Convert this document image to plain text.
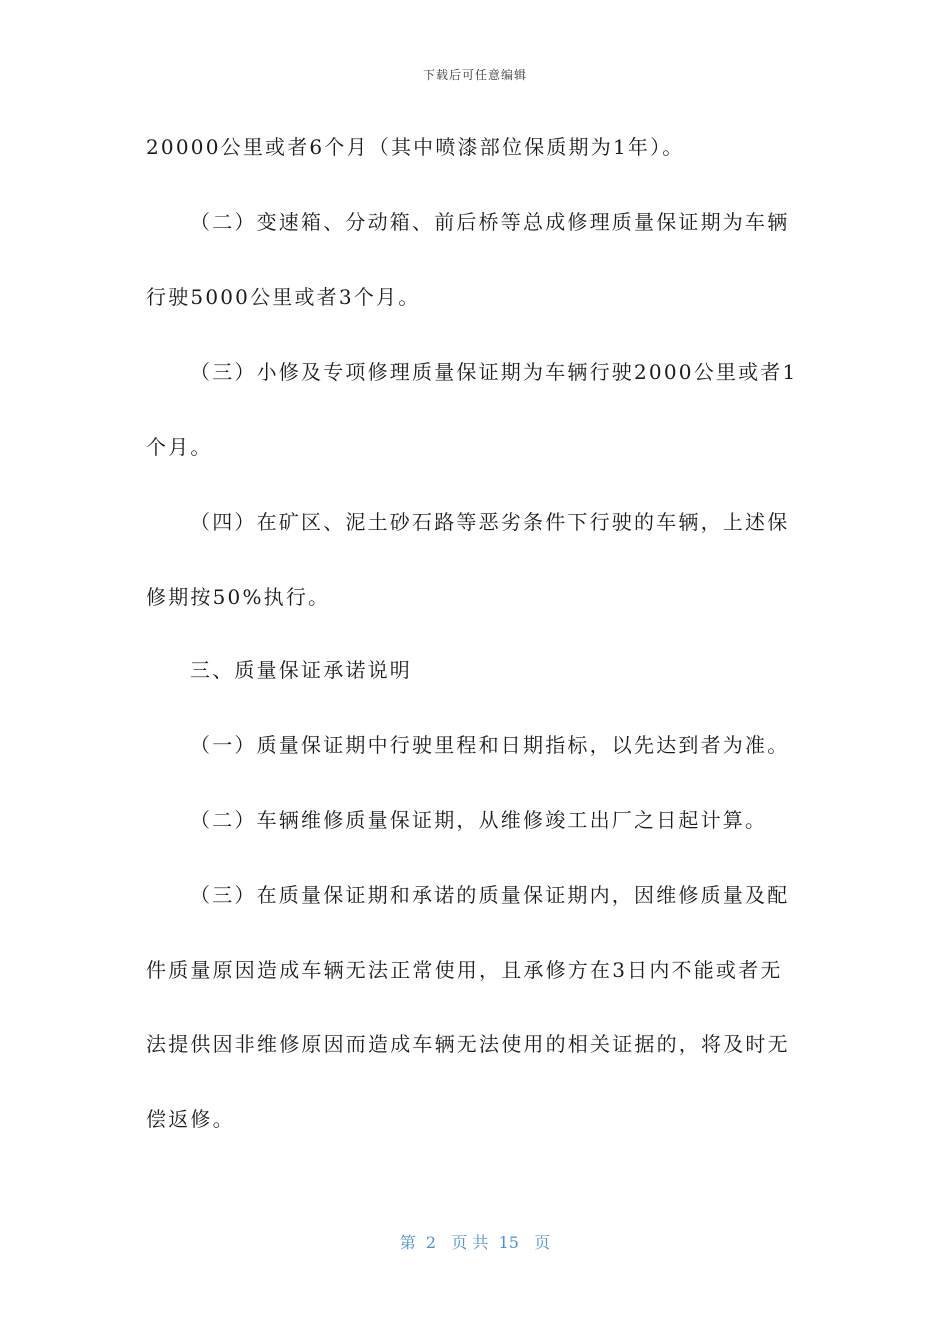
下载后可任意编辑
20000公里或者6个月（其中喷漆部位保质期为1年）。
（二）变速箱、分动箱、前后桥等总成修理质量保证期为车辆
行驶5000公里或者3个月。
（三）小修及专项修理质量保证期为车辆行驶2000公里或者1
个月。
（四）在矿区、泥土砂石路等恶劣条件下行驶的车辆，上述保
修期按50%执行。
三、质量保证承诺说明
（一）质量保证期中行驶里程和日期指标，以先达到者为准。
（二）车辆维修质量保证期，从维修竣工出厂之日起计算。
（三）在质量保证期和承诺的质量保证期内，因维修质量及配
件质量原因造成车辆无法正常使用，且承修方在3日内不能或者无
法提供因非维修原因而造成车辆无法使用的相关证据的，将及时无
偿返修。
第  2   页 共  15   页
